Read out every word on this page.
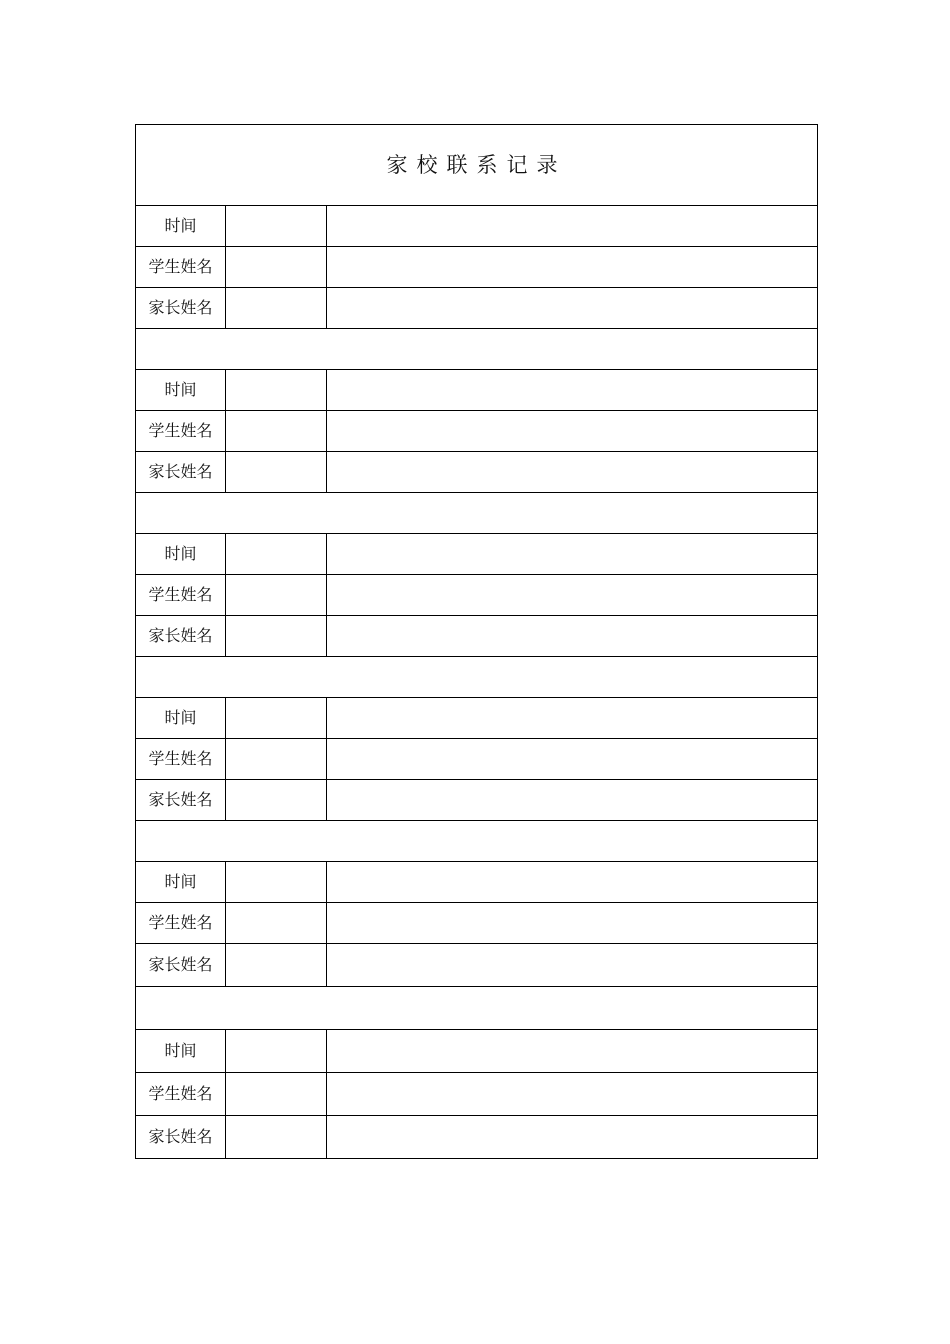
家校联系记录		
时间		
学生姓名		
家长姓名		

时间		
学生姓名		
家长姓名		

时间		
学生姓名		
家长姓名		

时间		
学生姓名		
家长姓名		

时间		
学生姓名		
家长姓名		

时间		
学生姓名		
家长姓名		
